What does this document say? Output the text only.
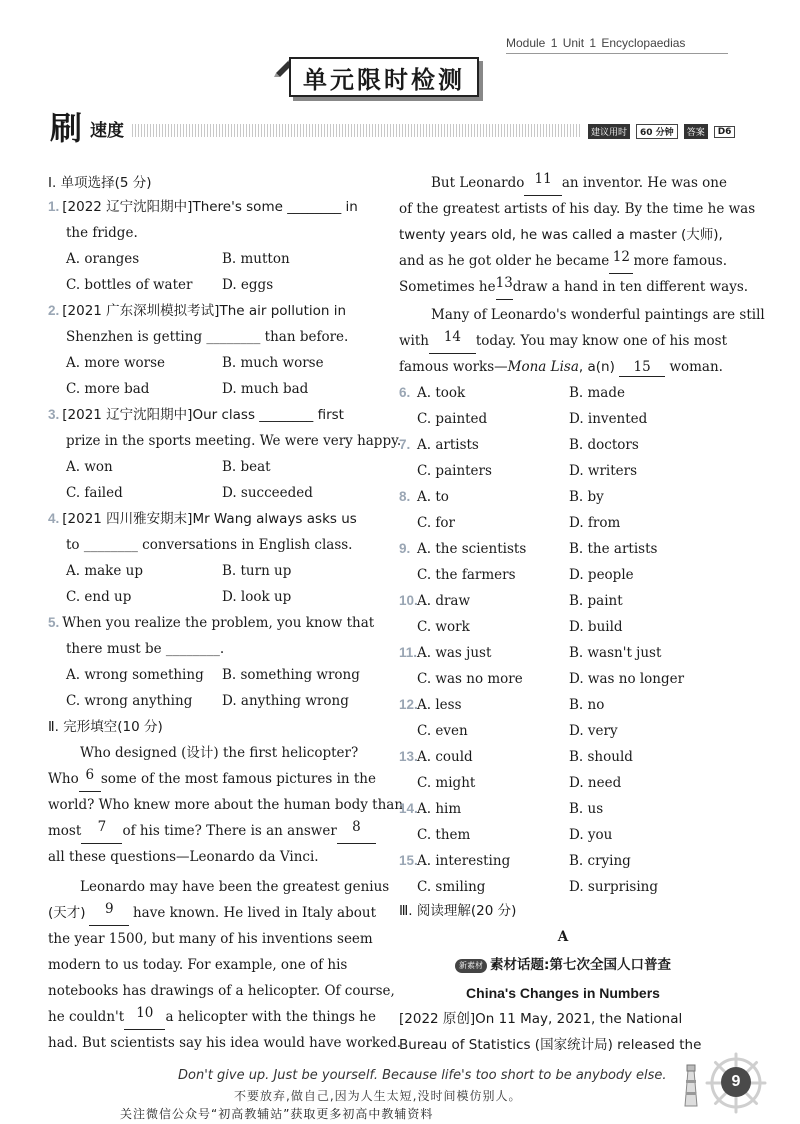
Module 1 Unit 1 Encyclopaedias
单元限时检测
刷 速度	建议用时	60 分钟	答案	D6
Ⅰ. 单项选择(5 分)
1. [2022 辽宁沈阳期中]There's some ________ in
the fridge.
A. oranges	B. mutton
C. bottles of water D. eggs
2. [2021 广东深圳模拟考试]The air pollution in
Shenzhen is getting ________ than before.
A. more worse	B. much worse
C. more bad	D. much bad
3. [2021 辽宁沈阳期中]Our class ________ first
prize in the sports meeting. We were very happy.
A. won	B. beat
C. failed	D. succeeded
4. [2021 四川雅安期末]Mr Wang always asks us
to ________ conversations in English class.
A. make up	B. turn up
C. end up	D. look up
5. When you realize the problem, you know that
there must be ________.
A. wrong something B. something wrong
C. wrong anything D. anything wrong
Ⅱ. 完形填空(10 分)
Who designed (设计) the first helicopter?
Who 6 some of the most famous pictures in the
world? Who knew more about the human body than
most	7	of his time? There is an answer	8
all these questions—Leonardo da Vinci.
Leonardo may have been the greatest genius
(天才)	9	have known. He lived in Italy about
the year 1500, but many of his inventions seem
modern to us today. For example, one of his
notebooks has drawings of a helicopter. Of course,
he couldn't 10 a helicopter with the things he
had. But scientists say his idea would have worked.
But Leonardo 11 an inventor. He was one
of the greatest artists of his day. By the time he was
twenty years old, he was called a master (大师),
and as he got older he became 12 more famous.
Sometimes he 13 draw a hand in ten different ways.
Many of Leonardo's wonderful paintings are still
with	14	today. You may know one of his most
famous works—Mona Lisa, a(n) 15 woman.
6. A. took	B. made
C. painted	D. invented
7. A. artists	B. doctors
C. painters	D. writers
8. A. to	B. by
C. for	D. from
9. A. the scientists	B. the artists
C. the farmers	D. people
10. A. draw	B. paint
C. work	D. build
11. A. was just	B. wasn't just
C. was no more	D. was no longer
12. A. less	B. no
C. even	D. very
13. A. could	B. should
C. might	D. need
14. A. him	B. us
C. them	D. you
15. A. interesting	B. crying
C. smiling	D. surprising
Ⅲ. 阅读理解(20 分)
A
新素材 素材话题:第七次全国人口普查
China's Changes in Numbers
[2022 原创]On 11 May, 2021, the National
Bureau of Statistics (国家统计局) released the
Don't give up. Just be yourself. Because life's too short to be anybody else.
不要放弃,做自己,因为人生太短,没时间模仿别人。
关注微信公众号“初高教辅站”获取更多初高中教辅资料
9
